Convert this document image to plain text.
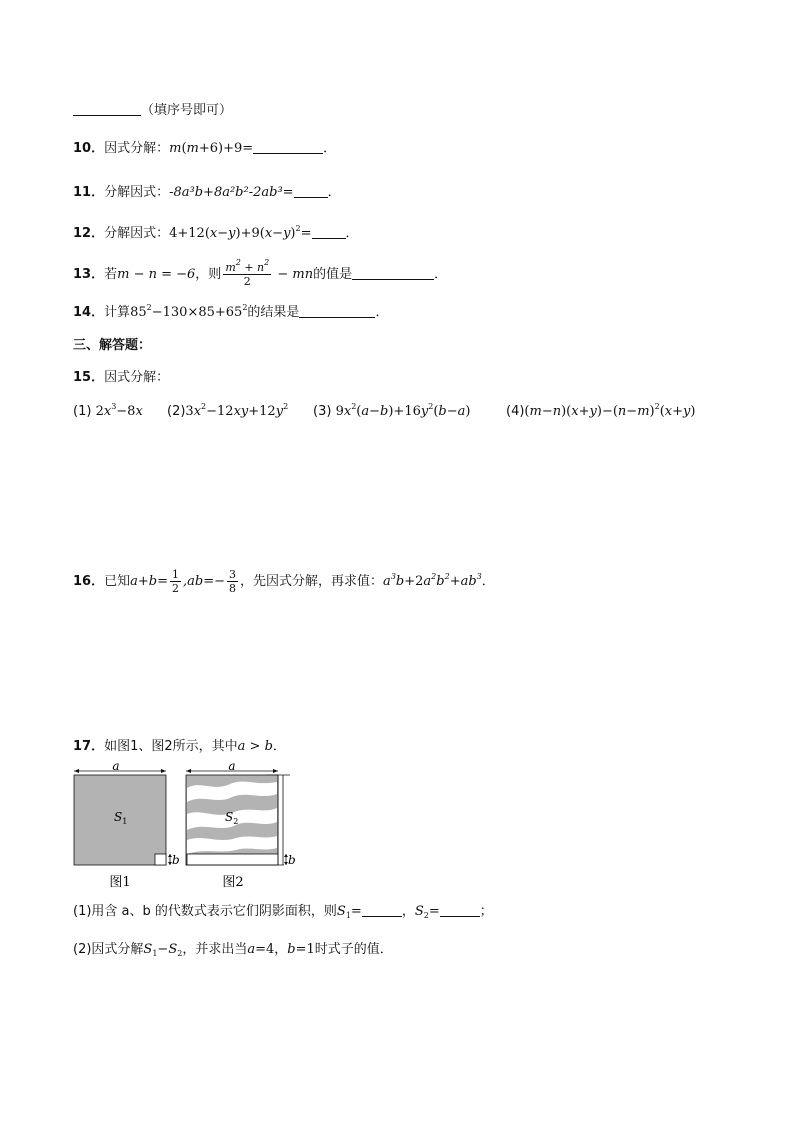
（填序号即可）
10．因式分解：m(m+6)+9=	．
11．分解因式：-8a³b+8a²b²-2ab³=	．
12．分解因式：$4+12(x-y)+9(x-y)^2=$	．
13．若m − n = −6，则 $\frac{m^2 + n^2}{2}$ − mn的值是	．
14．计算$85^2-130\times 85+65^2$的结果是	．
三、解答题：
15．因式分解：
(1) $2x^3-8x$ $(2)3x^2-12xy+12y^2$ (3) $9x^2(a-b)+16y^2(b-a)$	$(4)(m-n)(x+y)-(n-m)^2(x+y)$
16．已知$a+b= \frac{1}{2} ,ab=- \frac{3}{8}$ ，先因式分解，再求值：$a^3b+2a^2b^2+ab^3$．
17．如图1、图2所示，其中a > b．
a
b
$S_1$
图1
a
b
$S_2$
图2
(1)用含 a、b 的代数式表示它们阴影面积，则$S_1=$	，$S_2=$	；
(2)因式分解$S_1-S_2$，并求出当a=4，b=1时式子的值．
